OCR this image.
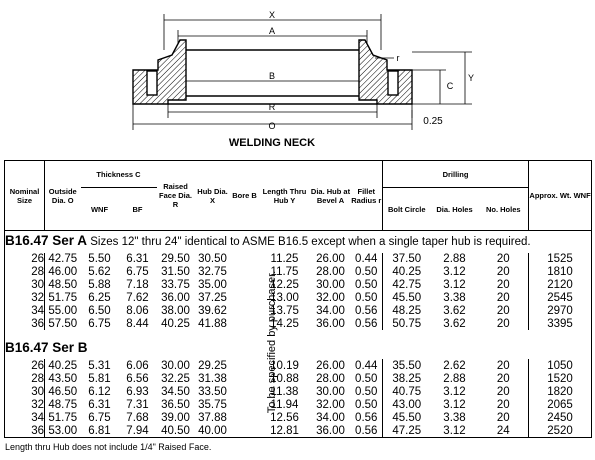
X
A
B
R
O
Y
C
r
0.25
WELDING NECK
Nominal Size	Outside Dia. O	Thickness C		Raised Face Dia. R	Hub Dia. X	Bore B	Length Thru Hub Y	Dia. Hub at Bevel A	Fillet Radius r	Drilling			Approx. Wt. WNF
		WNF	BF							Bolt Circle	Dia. Holes	No. Holes	
B16.47 Ser A Sizes 12" thru 24" identical to ASME B16.5 except when a single taper hub is required.													
26	42.75	5.50	6.31	29.50	30.50		11.25	26.00	0.44	37.50	2.88	20	1525
28	46.00	5.62	6.75	31.50	32.75		11.75	28.00	0.50	40.25	3.12	20	1810
30	48.50	5.88	7.18	33.75	35.00		12.25	30.00	0.50	42.75	3.12	20	2120
32	51.75	6.25	7.62	36.00	37.25		13.00	32.00	0.50	45.50	3.38	20	2545
34	55.00	6.50	8.06	38.00	39.62		13.75	34.00	0.56	48.25	3.62	20	2970
36	57.50	6.75	8.44	40.25	41.88		14.25	36.00	0.56	50.75	3.62	20	3395

B16.47 Ser B													
26	40.25	5.31	6.06	30.00	29.25		10.19	26.00	0.44	35.50	2.62	20	1050
28	43.50	5.81	6.56	32.25	31.38		10.88	28.00	0.50	38.25	2.88	20	1520
30	46.50	6.12	6.93	34.50	33.50		11.38	30.00	0.50	40.75	3.12	20	1820
32	48.75	6.31	7.31	36.50	35.75		11.94	32.00	0.50	43.00	3.12	20	2065
34	51.75	6.75	7.68	39.00	37.88		12.56	34.00	0.56	45.50	3.38	20	2450
36	53.00	6.81	7.94	40.50	40.00		12.81	36.00	0.56	47.25	3.12	24	2520
To be specified by purchaser.
Length thru Hub does not include 1/4" Raised Face.
